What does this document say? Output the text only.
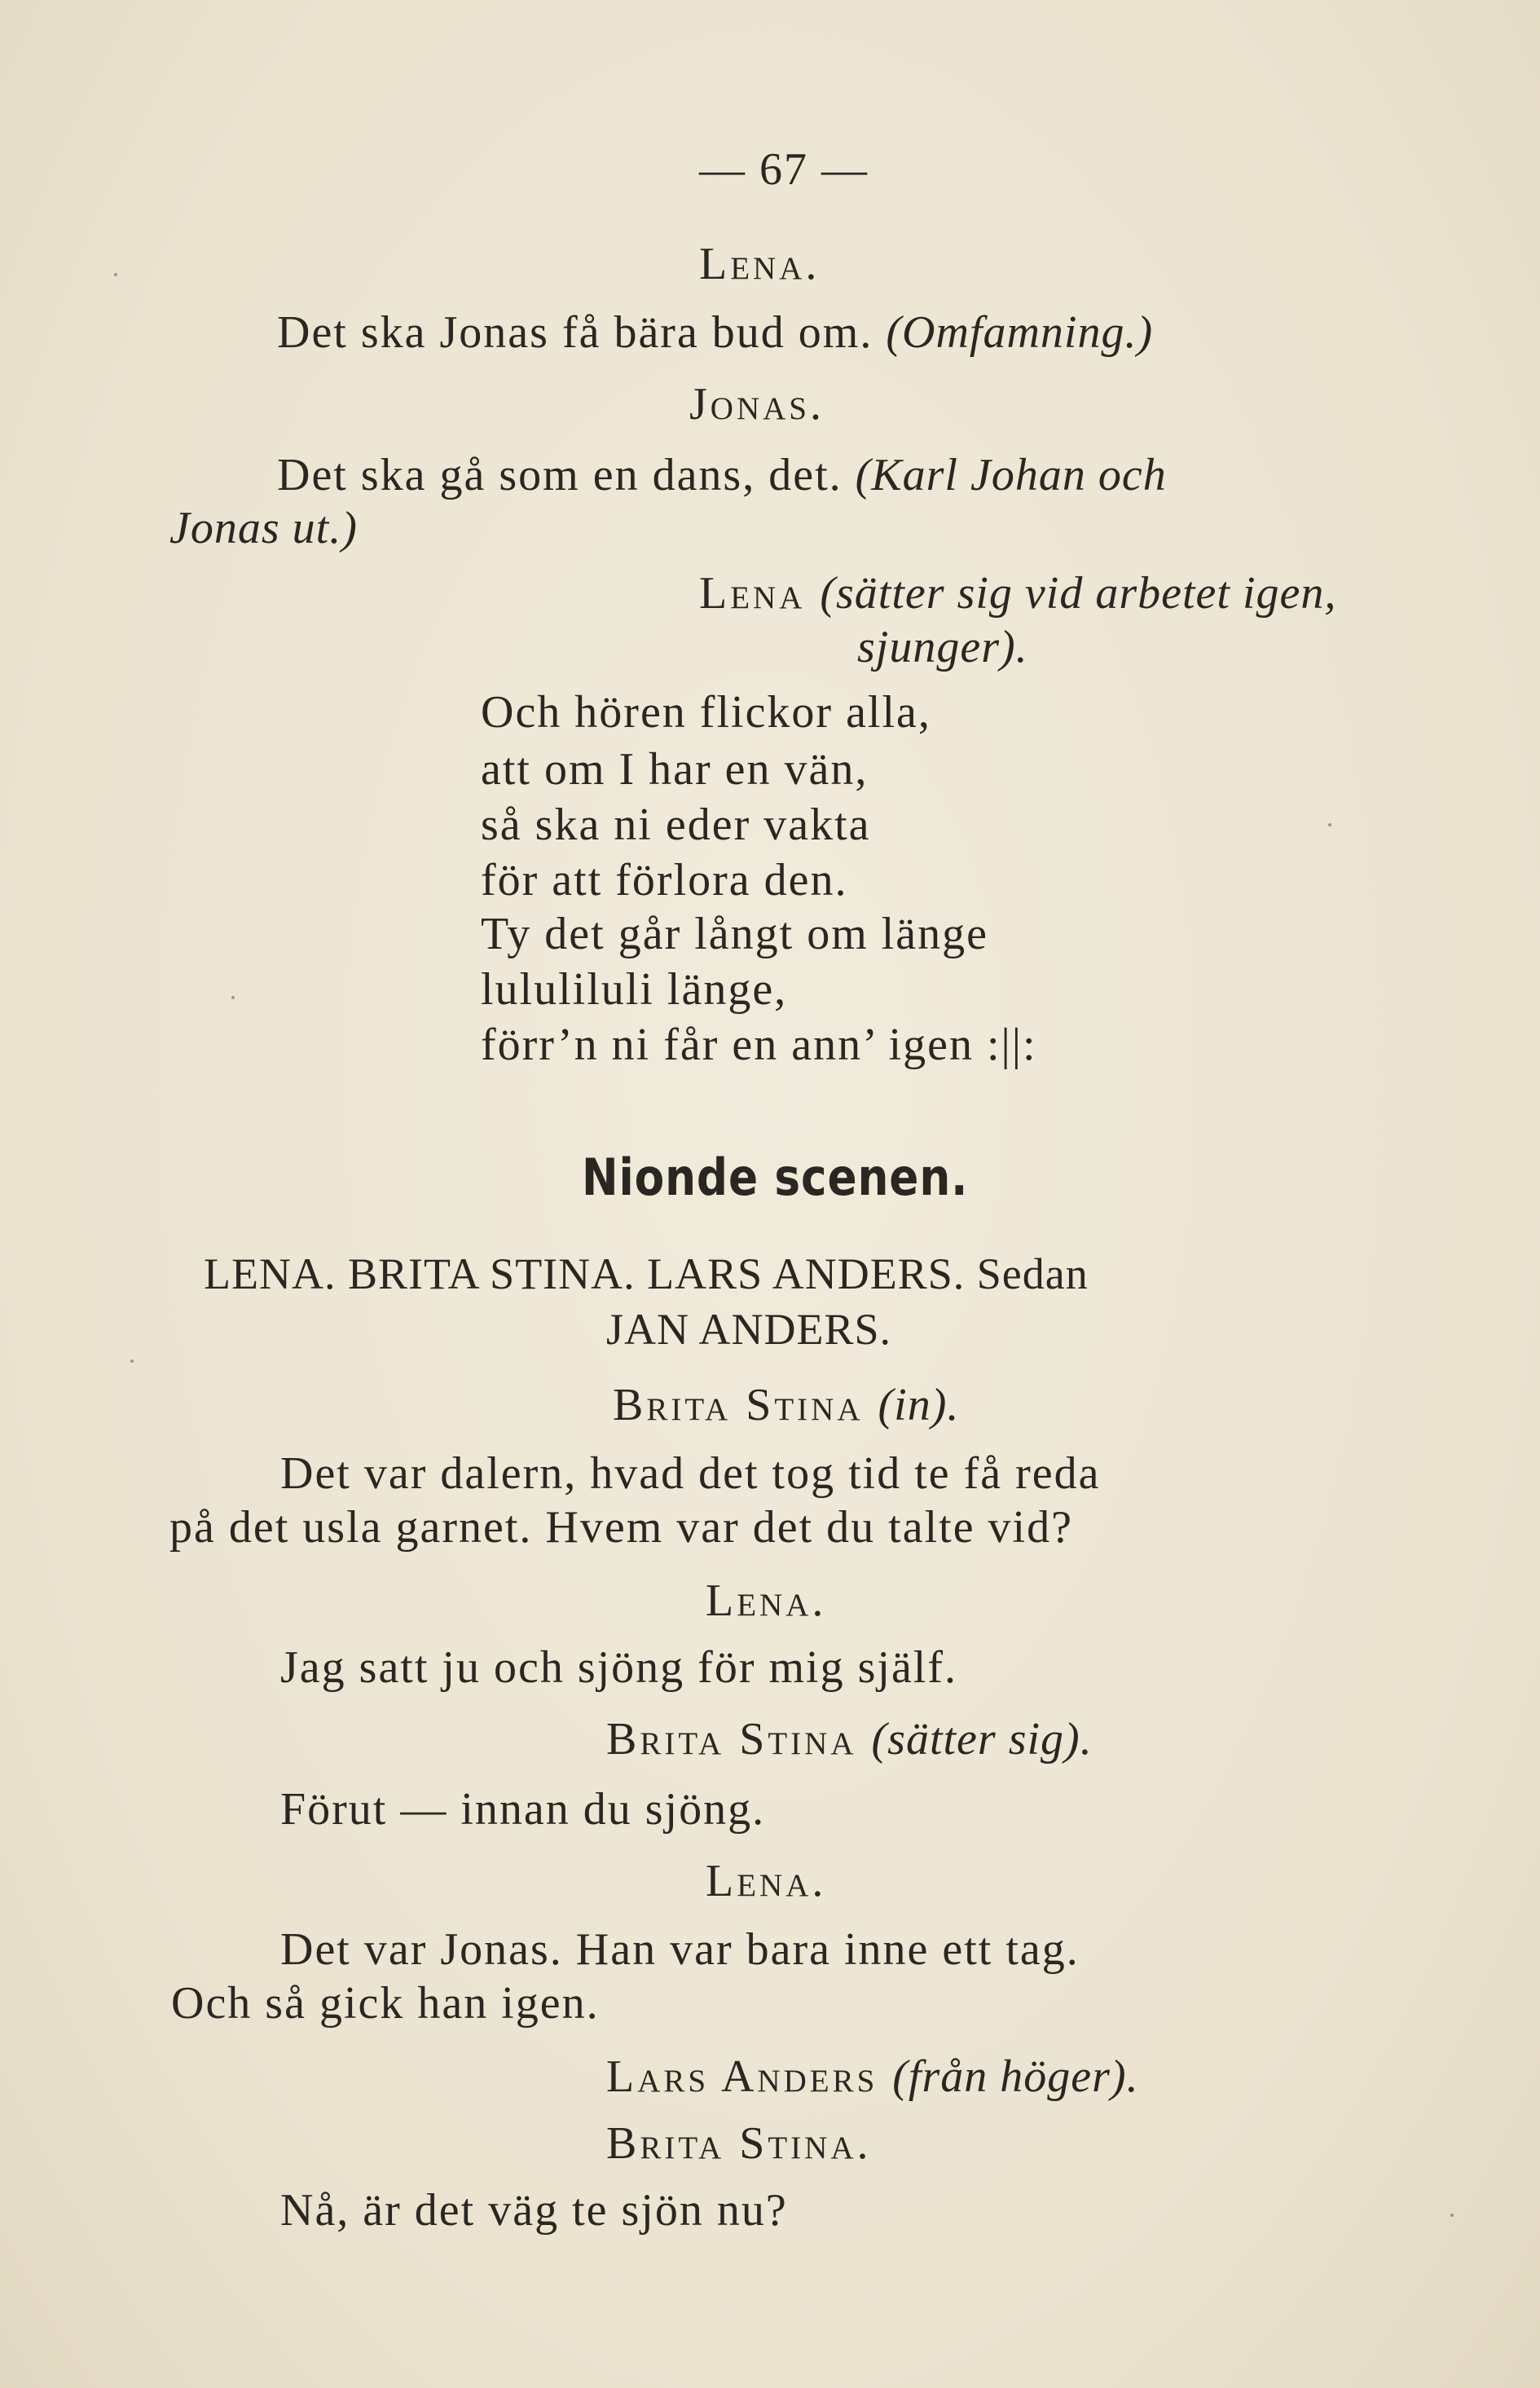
— 67 —
Lena.
Det ska Jonas få bära bud om. (Omfamning.)
Jonas.
Det ska gå som en dans, det. (Karl Johan och
Jonas ut.)
Lena (sätter sig vid arbetet igen,
sjunger).
Och hören flickor alla,
att om I har en vän,
så ska ni eder vakta
för att förlora den.
Ty det går långt om länge
lululiluli länge,
förr’n ni får en ann’ igen :||:
Nionde scenen.
LENA. BRITA STINA. LARS ANDERS. Sedan
JAN ANDERS.
Brita Stina (in).
Det var dalern, hvad det tog tid te få reda
på det usla garnet. Hvem var det du talte vid?
Lena.
Jag satt ju och sjöng för mig själf.
Brita Stina (sätter sig).
Förut — innan du sjöng.
Lena.
Det var Jonas. Han var bara inne ett tag.
Och så gick han igen.
Lars Anders (från höger).
Brita Stina.
Nå, är det väg te sjön nu?
